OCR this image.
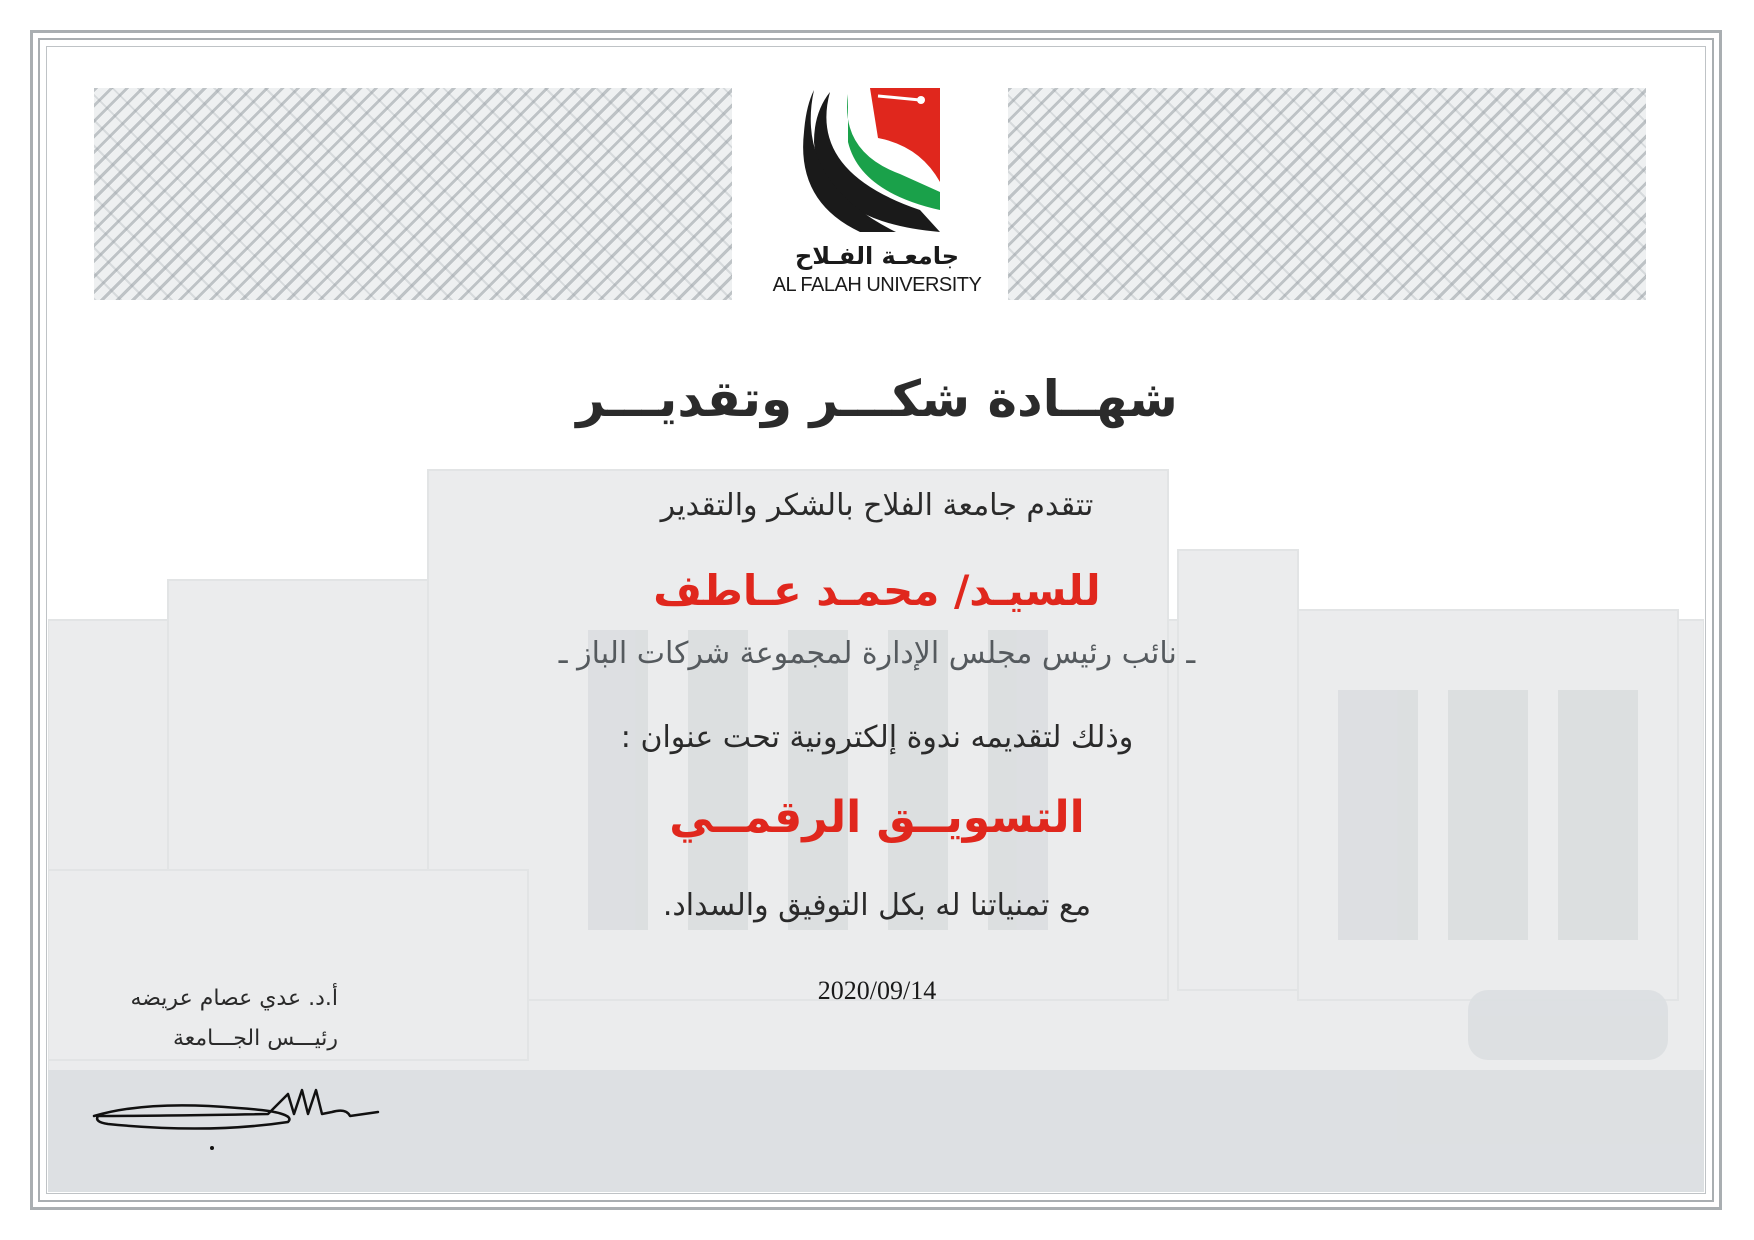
جامعـة الفـلاح
AL FALAH UNIVERSITY
شهــادة شكـــر وتقديـــر
تتقدم جامعة الفلاح بالشكر والتقدير
للسيـد/ محمـد عـاطف
ـ نائب رئيس مجلس الإدارة لمجموعة شركات الباز ـ
وذلك لتقديمه ندوة إلكترونية تحت عنوان :
التسويــق الرقمــي
مع تمنياتنا له بكل التوفيق والسداد.
2020/09/14
أ.د. عدي عصام عريضه
رئيـــس الجـــامعة
